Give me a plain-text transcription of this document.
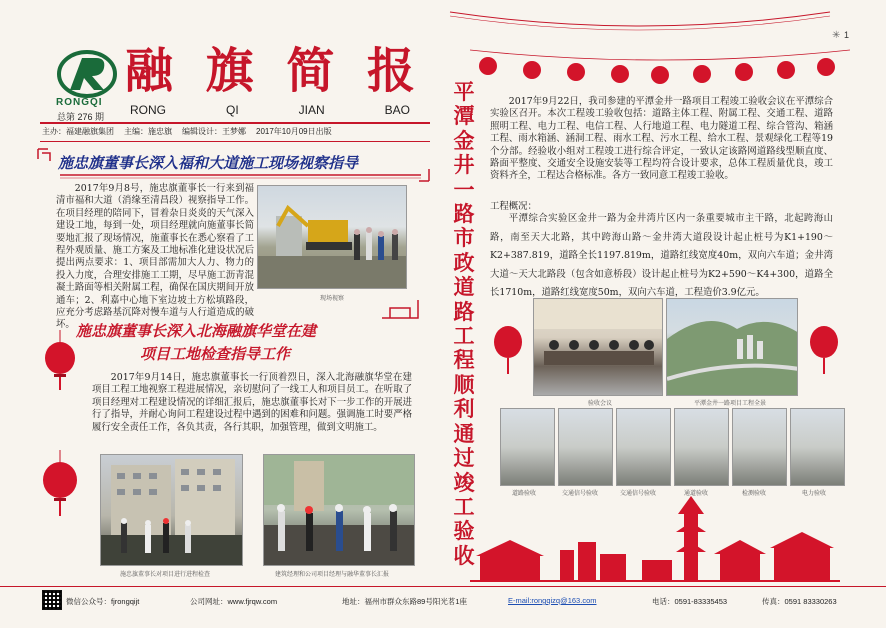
✳ 1
RONGQI
总第 276 期
融 旗 简 报
RONG	QI	JIAN	BAO
主办：福建融旗集团 主编：施忠旗 编辑设计：王梦娜 2017年10月09日出版
施忠旗董事长深入福和大道施工现场视察指导

2017年9月8号，施忠旗董事长一行来到福清市福和大道（消缘至清昌段）视察指导工作。在项目经理的陪同下，冒着杂日炎炎的天气深入建设工地，每到一处，项目经理就向施董事长简要地汇报了现场情况，施董事长在悉心察看了工程外观质量、施工方案及工地标准化建设状况后提出两点要求：1、项目部需加大人力、物力的投入力度，合理安排施工工期，尽早施工沥青混凝土路面等相关附属工程，确保在国庆期间开放通车；2、利嘉中心地下室边坡土方松填路段，应充分考虑路基沉降对慢车道与人行道造成的破坏。

现场视察
施忠旗董事长深入北海融旗华堂在建
项目工地检查指导工作

2017年9月14日，施忠旗董事长一行顶着烈日，深入北海融旗华堂在建项目工程工地视察工程进展情况，亲切慰问了一线工人和项目员工。在听取了项目经理对工程建设情况的详细汇报后，施忠旗董事长对下一步工作的开展进行了指导，并耐心询问工程建设过程中遇到的困难和问题。强调施工时要严格履行安全责任工作，各负其责，各行其职，加强管理，做到文明施工。

施忠旗董事长对项目进行进程检查	建筑经理和公司项目经理与融华董事长汇报
平
潭
金
井
一
路
市
政
道
路
工
程
顺
利
通
过
竣
工
验
收

2017年9月22日，我司参建的平潭金井一路项目工程竣工验收会议在平潭综合实验区召开。本次工程竣工验收包括：道路主体工程、附属工程、交通工程、道路照明工程、电力工程、电信工程、人行地道工程、电力隧道工程、综合管沟、箱涵工程、雨水箱涵、涵洞工程、雨水工程、污水工程、给水工程、景观绿化工程等19个分部。经验收小组对工程竣工进行综合评定，一致认定该路网道路线型顺直度、路面平整度、交通安全设施安装等工程均符合设计要求，总体工程质量优良，竣工资料齐全，工程达合格标准。各方一致同意工程竣工验收。

工程概况：

平潭综合实验区金井一路为金井湾片区内一条重要城市主干路，北起跨海山路，南至天大北路，其中跨海山路～金井湾大道段设计起止桩号为K1+190～K2+387.819，道路全长1197.819m，道路红线宽度40m，双向六车道；金井湾大道～天大北路段（包含如意桥段）设计起止桩号为K2+590～K4+300，道路全长1710m，道路红线宽度50m，双向六车道，工程造价3.9亿元。

验收会议	平潭金井一路项目工程全景
道路验收	交通信号验收	交通信号验收	通道验收	检测验收	电力验收
微信公众号：fjrongqijt	公司网址：www.fjrqw.com	地址：福州市群众东路89号阳光茗1座	E-mail:rongqizq@163.com	电话：0591-83335453	传真：0591 83330263
